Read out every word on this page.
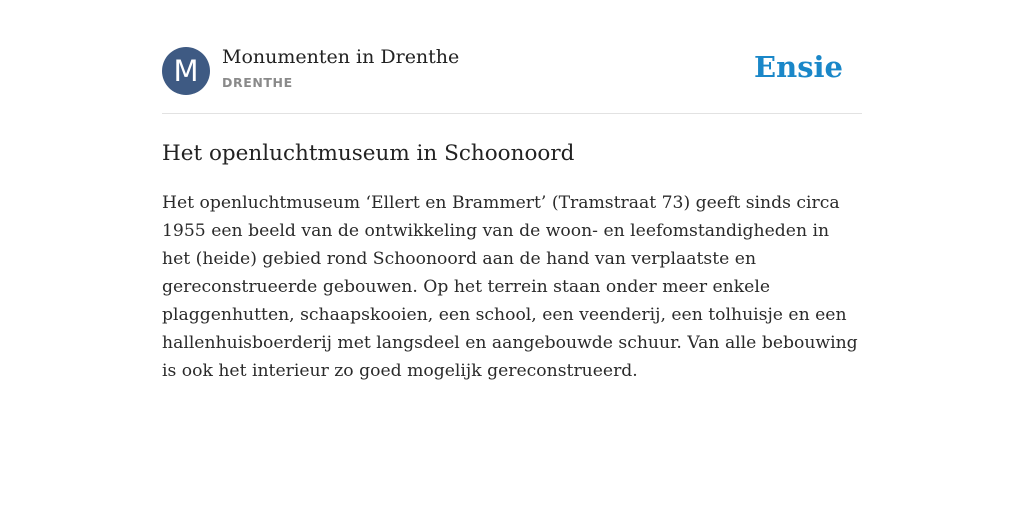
M	Monumenten in Drenthe
DRENTHE	Ensie
Het openluchtmuseum in Schoonoord

Het openluchtmuseum ‘Ellert en Brammert’ (Tramstraat 73) geeft sinds circa 1955 een beeld van de ontwikkeling van de woon- en leefomstandigheden in het (heide) gebied rond Schoonoord aan de hand van verplaatste en gereconstrueerde gebouwen. Op het terrein staan onder meer enkele plaggenhutten, schaapskooien, een school, een veenderij, een tolhuisje en een hallenhuisboerderij met langsdeel en aangebouwde schuur. Van alle bebouwing is ook het interieur zo goed mogelijk gereconstrueerd.
